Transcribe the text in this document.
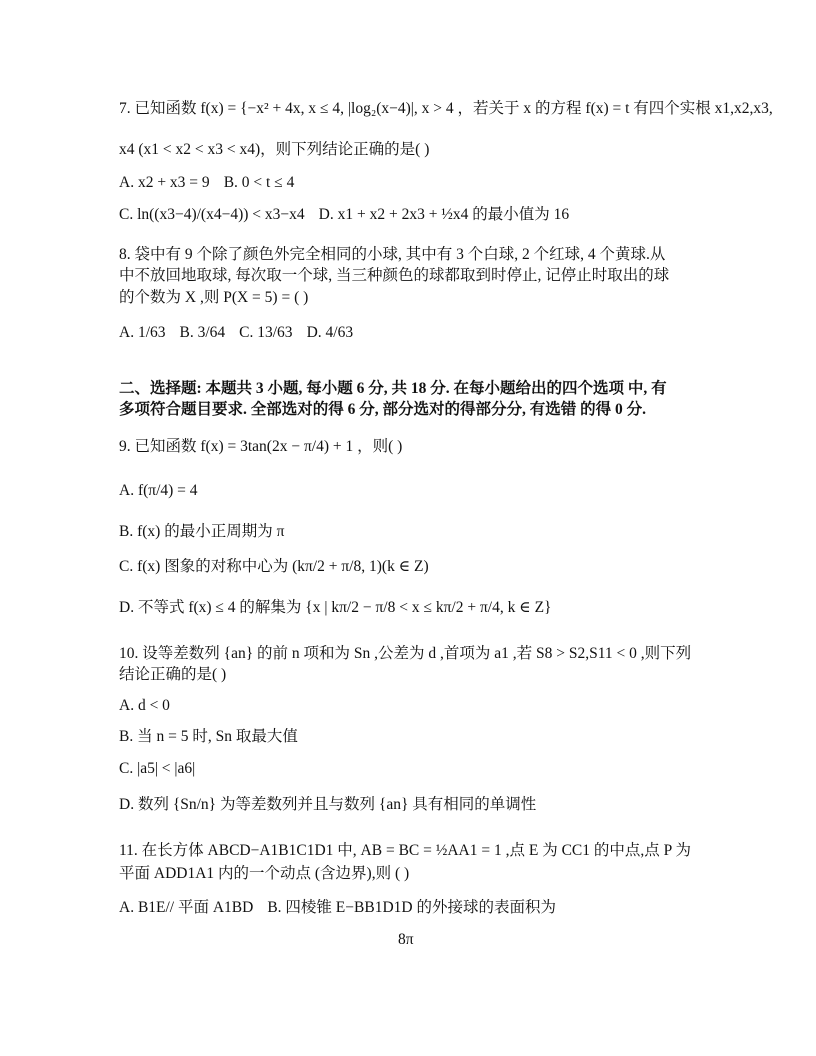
7. 已知函数 f(x) = {−x² + 4x, x ≤ 4, |log₂(x−4)|, x > 4 ，若关于 x 的方程 f(x) = t 有四个实根 x1,x2,x3,
x4 (x1 < x2 < x3 < x4)，则下列结论正确的是( )
A. x2 + x3 = 9 B. 0 < t ≤ 4
C. ln((x3−4)/(x4−4)) < x3−x4 D. x1 + x2 + 2x3 + ½x4 的最小值为 16
8. 袋中有 9 个除了颜色外完全相同的小球, 其中有 3 个白球, 2 个红球, 4 个黄球.从
中不放回地取球, 每次取一个球, 当三种颜色的球都取到时停止, 记停止时取出的球
的个数为 X ,则 P(X = 5) = ( )
A. 1/63 B. 3/64 C. 13/63 D. 4/63
二、选择题: 本题共 3 小题, 每小题 6 分, 共 18 分. 在每小题给出的四个选项 中, 有
多项符合题目要求. 全部选对的得 6 分, 部分选对的得部分分, 有选错 的得 0 分.
9. 已知函数 f(x) = 3tan(2x − π/4) + 1 ，则( )
A. f(π/4) = 4
B. f(x) 的最小正周期为 π
C. f(x) 图象的对称中心为 (kπ/2 + π/8, 1)(k ∈ Z)
D. 不等式 f(x) ≤ 4 的解集为 {x | kπ/2 − π/8 < x ≤ kπ/2 + π/4, k ∈ Z}
10. 设等差数列 {an} 的前 n 项和为 Sn ,公差为 d ,首项为 a1 ,若 S8 > S2,S11 < 0 ,则下列
结论正确的是( )
A. d < 0
B. 当 n = 5 时, Sn 取最大值
C. |a5| < |a6|
D. 数列 {Sn/n} 为等差数列并且与数列 {an} 具有相同的单调性
11. 在长方体 ABCD−A1B1C1D1 中, AB = BC = ½AA1 = 1 ,点 E 为 CC1 的中点,点 P 为
平面 ADD1A1 内的一个动点 (含边界),则 ( )
A. B1E// 平面 A1BD B. 四棱锥 E−BB1D1D 的外接球的表面积为
8π
